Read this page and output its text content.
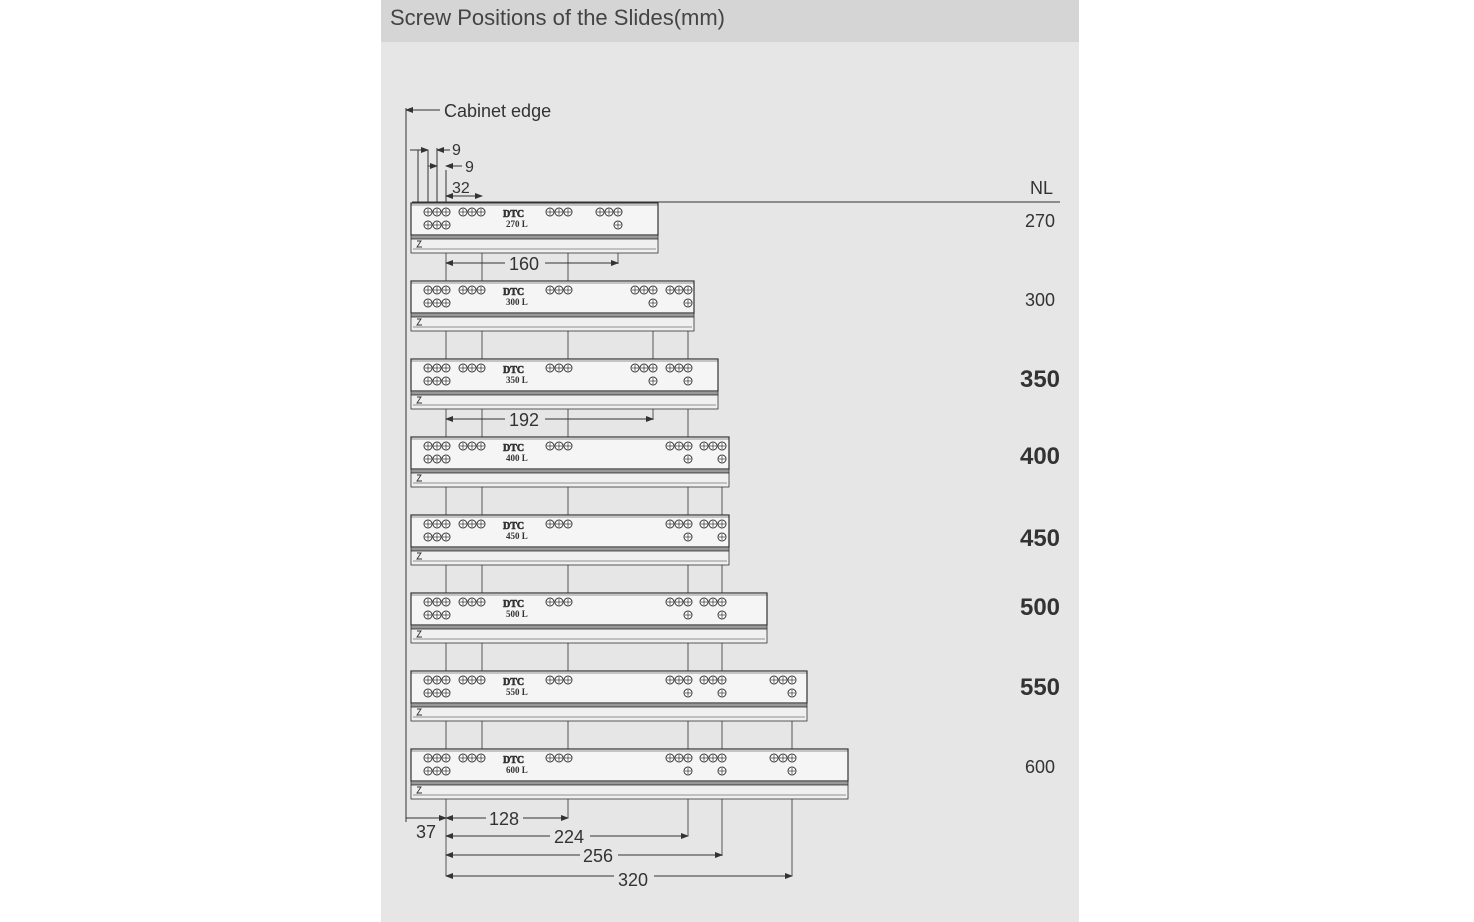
Screw Positions of the Slides(mm)
Cabinet edge
NL
9
9
32
DTC
270 L	270
DTC
300 L	300
DTC
350 L	350
DTC
400 L	400
DTC
450 L	450
DTC
500 L	500
DTC
550 L	550
DTC
600 L	600
160
192
37
128
224
256
320
